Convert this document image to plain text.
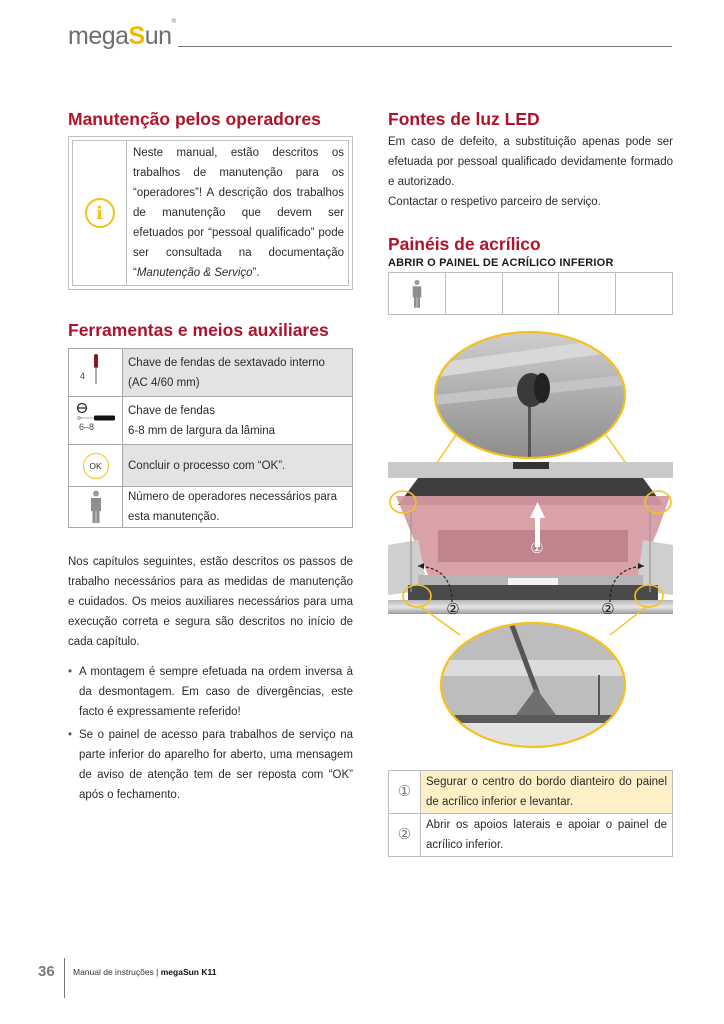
megaSun®
Manutenção pelos operadores
i

Neste manual, estão descritos os trabalhos de manutenção para os “operadores”! A descrição dos trabalhos de manutenção que devem ser efetuados por “pessoal qualificado” pode ser consultada na documentação “Manutenção & Serviço”.

Ferramentas e meios auxiliares
4	Chave de fendas de sextavado interno
(AC 4/60 mm)

6–8	Chave de fendas
6-8 mm de largura da lâmina

OK	Concluir o processo com “OK”.

Número de operadores necessários para
esta manutenção.

Nos capítulos seguintes, estão descritos os passos de trabalho necessários para as medidas de manutenção e cuidados. Os meios auxiliares necessários para uma execução correta e segura são descritos no início de cada capítulo.

• A montagem é sempre efetuada na ordem inversa à da desmontagem. Em caso de divergências, este facto é expressamente referido!
• Se o painel de acesso para trabalhos de serviço na parte inferior do aparelho for aberto, uma mensagem de aviso de atenção tem de ser reposta com “OK” após o fechamento.
Fontes de luz LED

Em caso de defeito, a substituição apenas pode ser efetuada por pessoal qualificado devidamente formado e autorizado.

Contactar o respetivo parceiro de serviço.

Painéis de acrílico
ABRIR O PAINEL DE ACRÍLICO INFERIOR

①
②	②
①	Segurar o centro do bordo dianteiro do painel de acrílico inferior e levantar.
②	Abrir os apoios laterais e apoiar o painel de acrílico inferior.
36 Manual de instruções | megaSun K11
